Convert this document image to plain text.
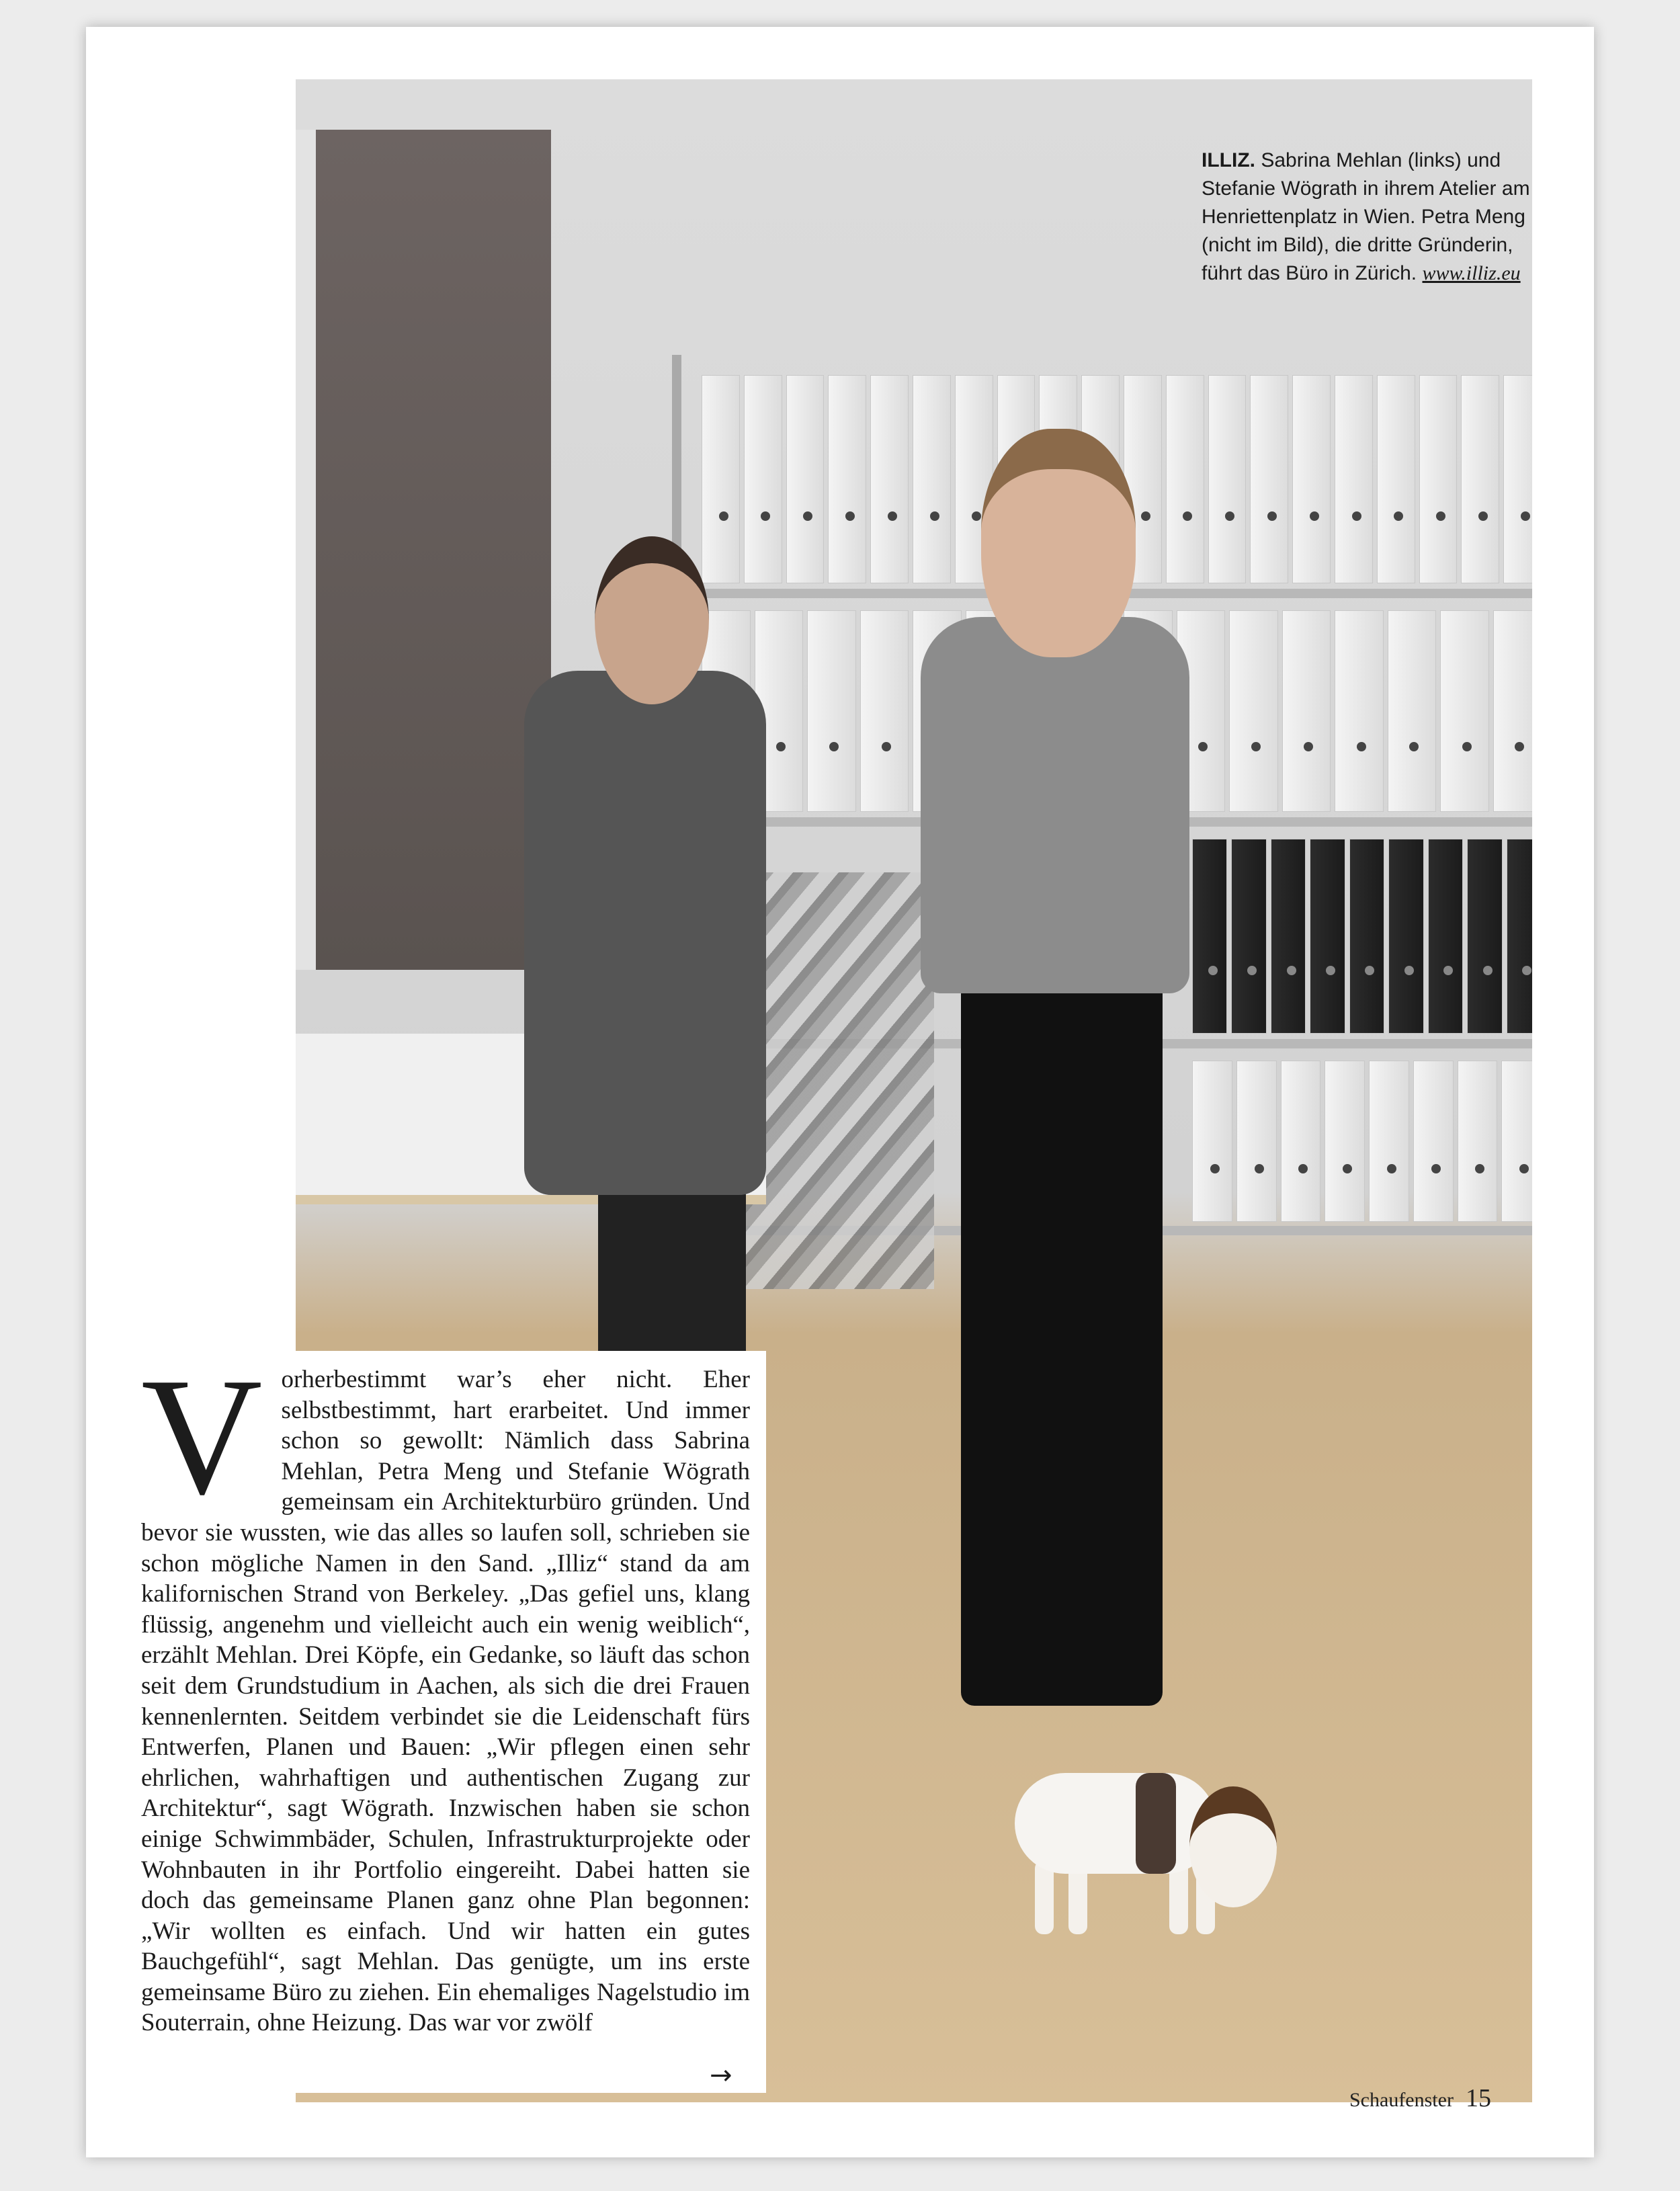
ILLIZ. Sabrina Mehlan (links) und Stefanie Wögrath in ihrem Atelier am Henriettenplatz in Wien. Petra Meng (nicht im Bild), die dritte Gründerin, führt das Büro in Zürich. www.illiz.eu

Vorherbestimmt war’s eher nicht. Eher selbstbestimmt, hart erarbeitet. Und immer schon so gewollt: Nämlich dass Sabrina Mehlan, Petra Meng und Stefanie Wögrath gemeinsam ein Architekturbüro gründen. Und bevor sie wussten, wie das alles so laufen soll, schrieben sie schon mögliche Namen in den Sand. „Illiz“ stand da am kalifornischen Strand von Berkeley. „Das gefiel uns, klang flüssig, angenehm und vielleicht auch ein wenig weiblich“, erzählt Mehlan. Drei Köpfe, ein Gedanke, so läuft das schon seit dem Grundstudium in Aachen, als sich die drei Frauen kennenlernten. Seitdem verbindet sie die Leidenschaft fürs Entwerfen, Planen und Bauen: „Wir pflegen einen sehr ehrlichen, wahrhaftigen und authentischen Zugang zur Architektur“, sagt Wögrath. Inzwischen haben sie schon einige Schwimmbäder, Schulen, Infrastrukturprojekte oder Wohnbauten in ihr Portfolio eingereiht. Dabei hatten sie doch das gemeinsame Planen ganz ohne Plan begonnen: „Wir wollten es einfach. Und wir hatten ein gutes Bauchgefühl“, sagt Mehlan. Das genügte, um ins erste gemeinsame Büro zu ziehen. Ein ehemaliges Nagelstudio im Souterrain, ohne Heizung. Das war vor zwölf

→
Schaufenster 15
